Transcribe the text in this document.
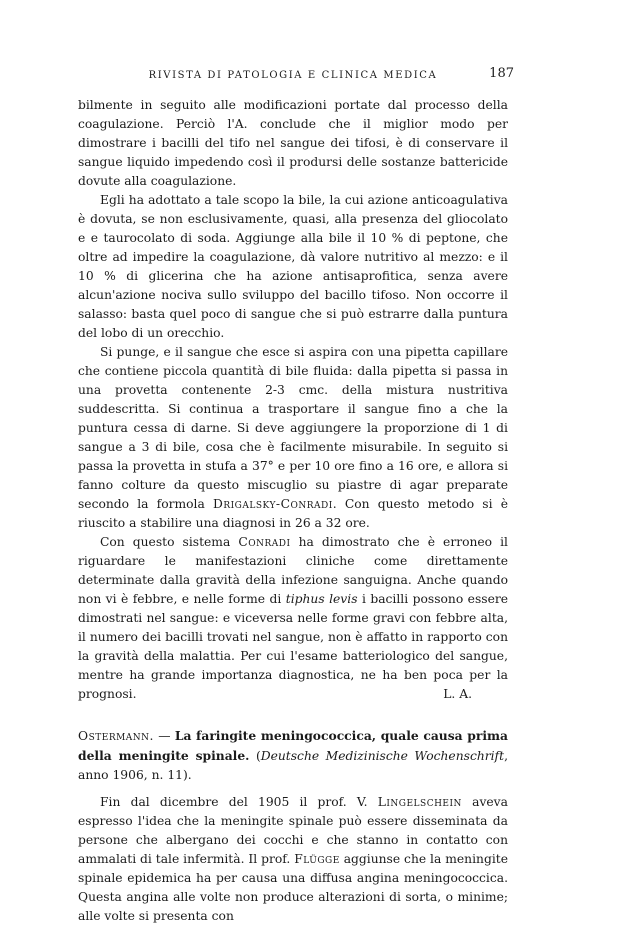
RIVISTA DI PATOLOGIA E CLINICA MEDICA	187

bilmente in seguito alle modificazioni portate dal processo della coagulazione. Perciò l'A. conclude che il miglior modo per dimostrare i bacilli del tifo nel sangue dei tifosi, è di conservare il sangue liquido impedendo così il prodursi delle sostanze battericide dovute alla coagulazione.

Egli ha adottato a tale scopo la bile, la cui azione anticoagulativa è dovuta, se non esclusivamente, quasi, alla presenza del gliocolato e e taurocolato di soda. Aggiunge alla bile il 10 % di peptone, che oltre ad impedire la coagulazione, dà valore nutritivo al mezzo: e il 10 % di glicerina che ha azione antisaprofitica, senza avere alcun'azione nociva sullo sviluppo del bacillo tifoso. Non occorre il salasso: basta quel poco di sangue che si può estrarre dalla puntura del lobo di un orecchio.

Si punge, e il sangue che esce si aspira con una pipetta capillare che contiene piccola quantità di bile fluida: dalla pipetta si passa in una provetta contenente 2-3 cmc. della mistura nustritiva suddescritta. Si continua a trasportare il sangue fino a che la puntura cessa di darne. Si deve aggiungere la proporzione di 1 di sangue a 3 di bile, cosa che è facilmente misurabile. In seguito si passa la provetta in stufa a 37° e per 10 ore fino a 16 ore, e allora si fanno colture da questo miscuglio su piastre di agar preparate secondo la formola Drigalsky-Conradi. Con questo metodo si è riuscito a stabilire una diagnosi in 26 a 32 ore.

Con questo sistema Conradi ha dimostrato che è erroneo il riguardare le manifestazioni cliniche come direttamente determinate dalla gravità della infezione sanguigna. Anche quando non vi è febbre, e nelle forme di tiphus levis i bacilli possono essere dimostrati nel sangue: e viceversa nelle forme gravi con febbre alta, il numero dei bacilli trovati nel sangue, non è affatto in rapporto con la gravità della malattia. Per cui l'esame batteriologico del sangue, mentre ha grande importanza diagnostica, ne ha ben poca per la prognosi.	L. A.

Ostermann. — La faringite meningococcica, quale causa prima della meningite spinale. (Deutsche Medizinische Wochenschrift, anno 1906, n. 11).

Fin dal dicembre del 1905 il prof. V. Lingelschein aveva espresso l'idea che la meningite spinale può essere disseminata da persone che albergano dei cocchi e che stanno in contatto con ammalati di tale infermità. Il prof. Flügge aggiunse che la meningite spinale epidemica ha per causa una diffusa angina meningococcica. Questa angina alle volte non produce alterazioni di sorta, o minime; alle volte si presenta con
